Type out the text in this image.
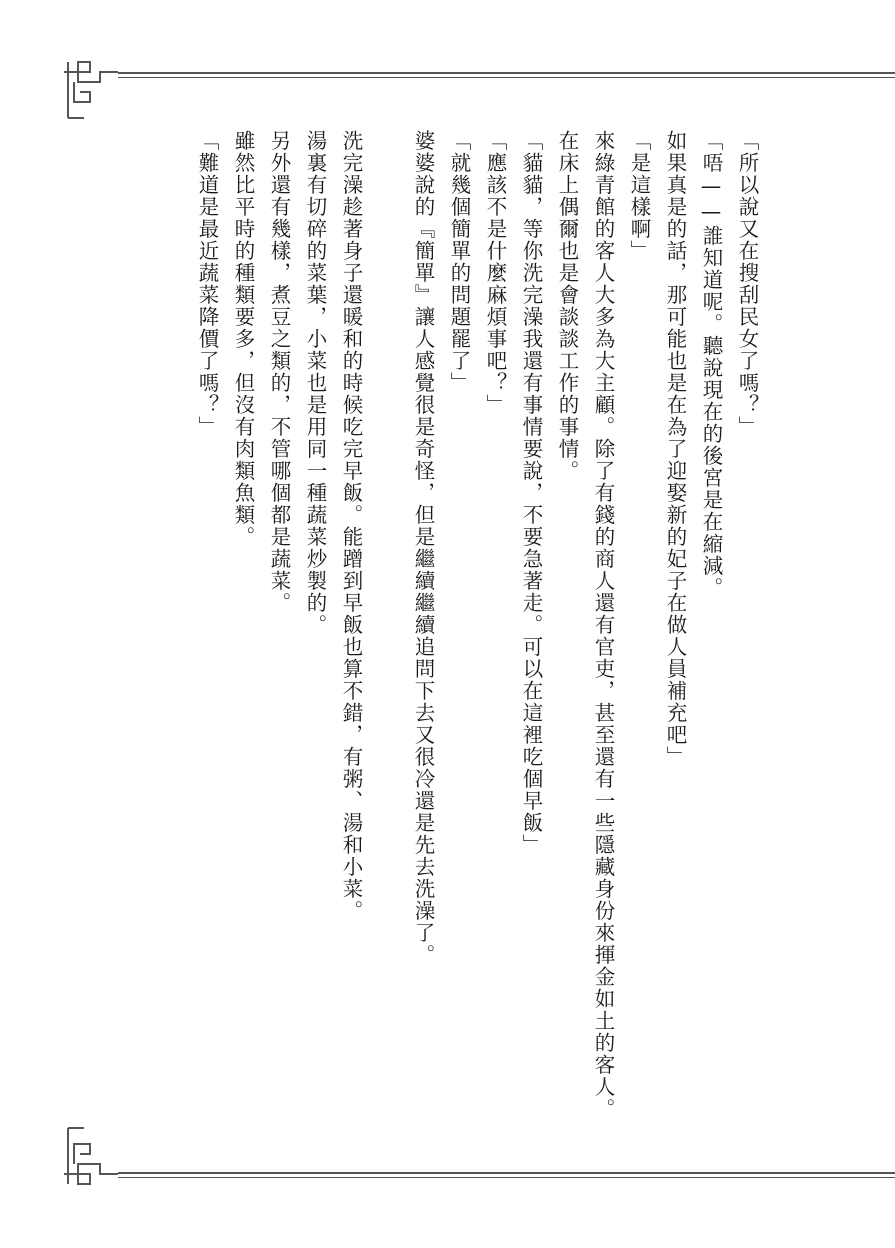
「所以說又在搜刮民女了嗎？」
「唔——誰知道呢。聽說現在的後宮是在縮減。
如果真是的話，那可能也是在為了迎娶新的妃子在做人員補充吧」
「是這樣啊」
來綠青館的客人大多為大主顧。除了有錢的商人還有官吏，甚至還有一些隱藏身份來揮金如土的客人。
在床上偶爾也是會談談工作的事情。
「貓貓，等你洗完澡我還有事情要說，不要急著走。可以在這裡吃個早飯」
「應該不是什麼麻煩事吧？」
「就幾個簡單的問題罷了」
婆婆說的『簡單』讓人感覺很是奇怪，但是繼續繼續追問下去又很冷還是先去洗澡了。
洗完澡趁著身子還暖和的時候吃完早飯。能蹭到早飯也算不錯，有粥、湯和小菜。
湯裏有切碎的菜葉，小菜也是用同一種蔬菜炒製的。
另外還有幾樣，煮豆之類的，不管哪個都是蔬菜。
雖然比平時的種類要多，但沒有肉類魚類。
「難道是最近蔬菜降價了嗎？」
